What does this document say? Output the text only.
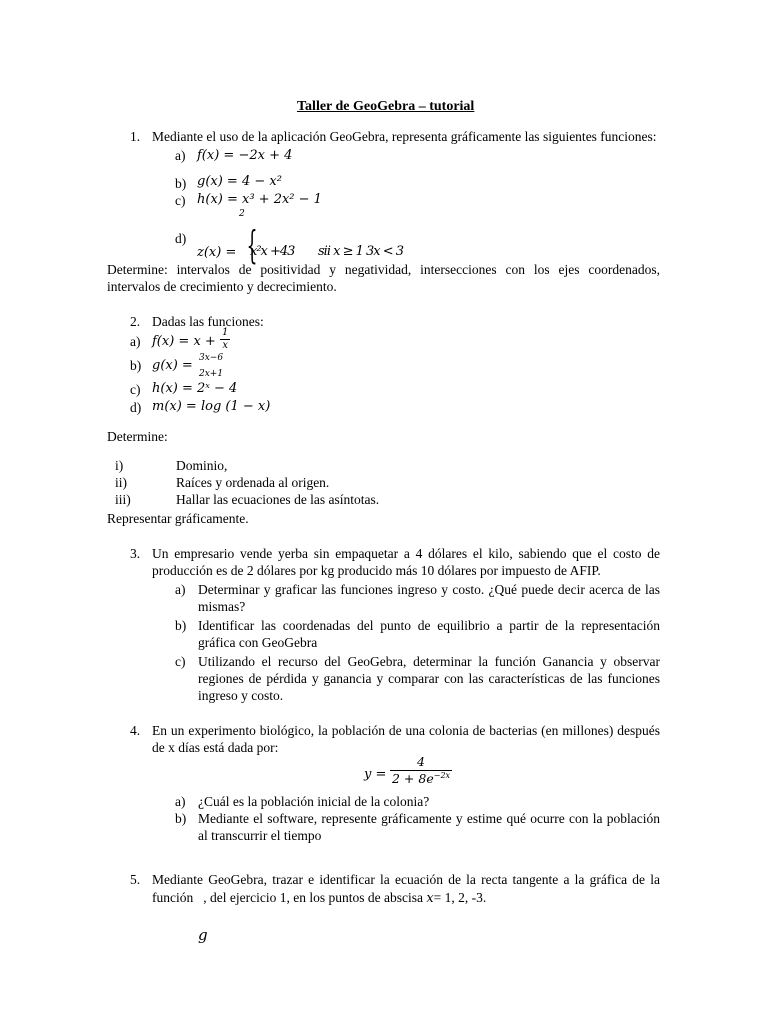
Taller de GeoGebra – tutorial
1. Mediante el uso de la aplicación GeoGebra, representa gráficamente las siguientes funciones:
a) f(x) = −2x + 4
b) g(x) = 4 − x²
c) h(x) = x³ + 2x² − 1
2
d)
z(x) = {
x²x +43 sii x ≥ 1 3x < 3
Determine: intervalos de positividad y negatividad, intersecciones con los ejes coordenados,
intervalos de crecimiento y decrecimiento.
2. Dadas las funciones:
a) $f(x) = x + \frac{1}{x}$
b) g(x) = 3x−6
2x+1
c) h(x) = 2ˣ − 4
d) m(x) = log (1 − x)
Determine:
i)	Dominio,
ii)	Raíces y ordenada al origen.
iii)	Hallar las ecuaciones de las asíntotas.
Representar gráficamente.
3. Un empresario vende yerba sin empaquetar a 4 dólares el kilo, sabiendo que el costo de
producción es de 2 dólares por kg producido más 10 dólares por impuesto de AFIP.
a) Determinar y graficar las funciones ingreso y costo. ¿Qué puede decir acerca de las
mismas?
b) Identificar las coordenadas del punto de equilibrio a partir de la representación
gráfica con GeoGebra
c) Utilizando el recurso del GeoGebra, determinar la función Ganancia y observar
regiones de pérdida y ganancia y comparar con las características de las funciones
ingreso y costo.
4. En un experimento biológico, la población de una colonia de bacterias (en millones) después
de x días está dada por:
$y = \frac{4}{2 + 8e^{-2x}}$
a) ¿Cuál es la población inicial de la colonia?
b) Mediante el software, represente gráficamente y estime qué ocurre con la población
al transcurrir el tiempo
5. Mediante GeoGebra, trazar e identificar la ecuación de la recta tangente a la gráfica de la
función , del ejercicio 1, en los puntos de abscisa x= 1, 2, -3.
g
